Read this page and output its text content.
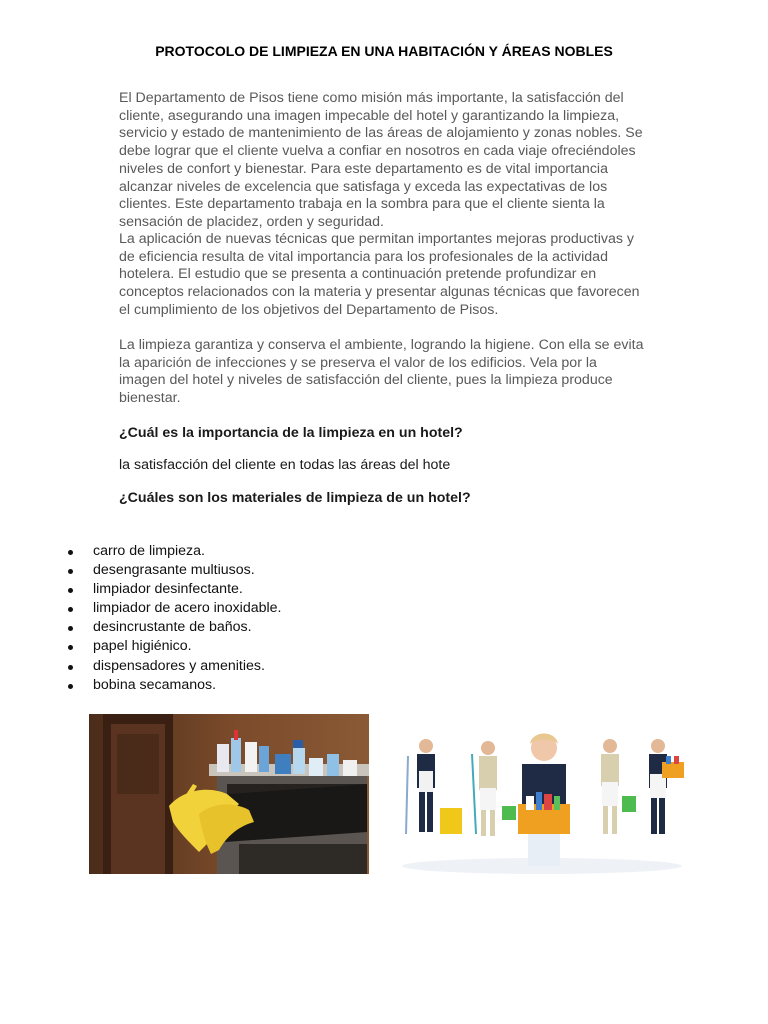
PROTOCOLO DE LIMPIEZA EN UNA HABITACIÓN Y ÁREAS NOBLES

El Departamento de Pisos tiene como misión más importante, la satisfacción del
cliente, asegurando una imagen impecable del hotel y garantizando la limpieza,
servicio y estado de mantenimiento de las áreas de alojamiento y zonas nobles. Se
debe lograr que el cliente vuelva a confiar en nosotros en cada viaje ofreciéndoles
niveles de confort y bienestar. Para este departamento es de vital importancia
alcanzar niveles de excelencia que satisfaga y exceda las expectativas de los
clientes. Este departamento trabaja en la sombra para que el cliente sienta la
sensación de placidez, orden y seguridad.

La aplicación de nuevas técnicas que permitan importantes mejoras productivas y
de eficiencia resulta de vital importancia para los profesionales de la actividad
hotelera. El estudio que se presenta a continuación pretende profundizar en
conceptos relacionados con la materia y presentar algunas técnicas que favorecen
el cumplimiento de los objetivos del Departamento de Pisos.

La limpieza garantiza y conserva el ambiente, logrando la higiene. Con ella se evita
la aparición de infecciones y se preserva el valor de los edificios. Vela por la
imagen del hotel y niveles de satisfacción del cliente, pues la limpieza produce
bienestar.

¿Cuál es la importancia de la limpieza en un hotel?
la satisfacción del cliente en todas las áreas del hote
¿Cuáles son los materiales de limpieza de un hotel?
carro de limpieza.
desengrasante multiusos.
limpiador desinfectante.
limpiador de acero inoxidable.
desincrustante de baños.
papel higiénico.
dispensadores y amenities.
bobina secamanos.
